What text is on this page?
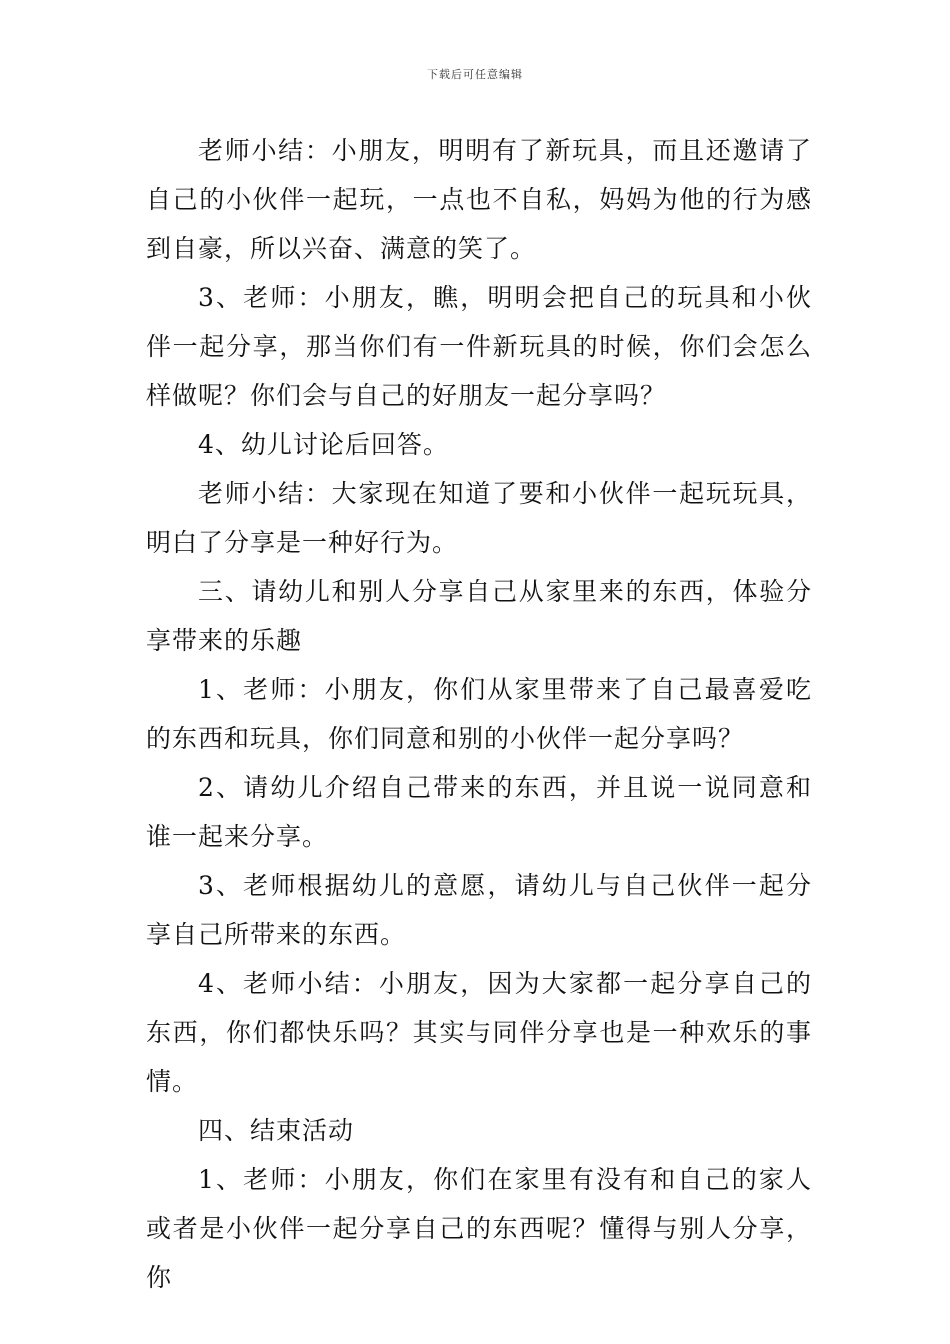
下载后可任意编辑

老师小结：小朋友，明明有了新玩具，而且还邀请了自己的小伙伴一起玩，一点也不自私，妈妈为他的行为感到自豪，所以兴奋、满意的笑了。

3、老师：小朋友，瞧，明明会把自己的玩具和小伙伴一起分享，那当你们有一件新玩具的时候，你们会怎么样做呢？你们会与自己的好朋友一起分享吗？

4、幼儿讨论后回答。

老师小结：大家现在知道了要和小伙伴一起玩玩具，明白了分享是一种好行为。

三、请幼儿和别人分享自己从家里来的东西，体验分享带来的乐趣

1、老师：小朋友，你们从家里带来了自己最喜爱吃的东西和玩具，你们同意和别的小伙伴一起分享吗？

2、请幼儿介绍自己带来的东西，并且说一说同意和谁一起来分享。

3、老师根据幼儿的意愿，请幼儿与自己伙伴一起分享自己所带来的东西。

4、老师小结：小朋友，因为大家都一起分享自己的东西，你们都快乐吗？其实与同伴分享也是一种欢乐的事情。

四、结束活动

1、老师：小朋友，你们在家里有没有和自己的家人或者是小伙伴一起分享自己的东西呢？懂得与别人分享，你
